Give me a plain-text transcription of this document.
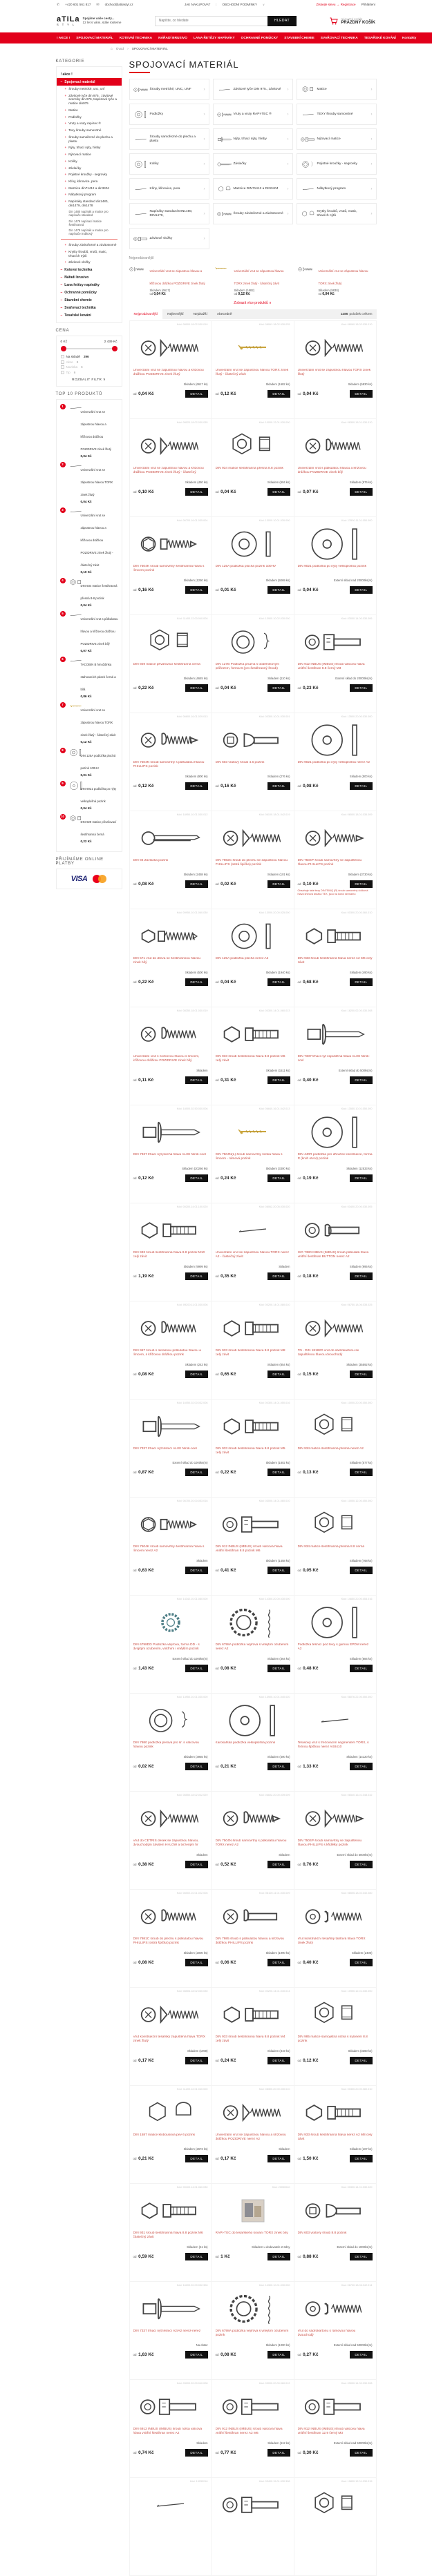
✆ +420 601 561 817 ✉ obchod@atilastyl.cz	JAK NAKUPOVAT | OBCHODNÍ PODMÍNKY ∨	Získejte slevu → Registrace Přihlášení
aTiLa
S T Y L
Spojíme vaše cesty...
12 let s vámi, stále rosteme
Napište, co hledáte	HLEDAT	NÁKUPNÍ KOŠÍK
PRÁZDNÝ KOŠÍK
! AKCE ! SPOJOVACÍ MATERIÁL KOTEVNÍ TECHNIKA NÁŘADÍ BRUSIVO LANA ŘETĚZY NAPÍNÁKY OCHRANNÉ POMŮCKY STAVEBNÍ CHEMIE SVAŘOVACÍ TECHNIKA TESAŘSKÉ KOVÁNÍ Kontakty
⌂ Úvod › SPOJOVACÍ MATERIÁL
KATEGORIE
! akce !
– Spojovací materiál
+ Šrouby metrické, unc, unf
+ Závitové tyče din 975 , závitové svorníky din 976, trapézové tyče a matice din975
+ Matice
+ Podložky
+ Vruty a vruty rapi-tec ®
+ Texy šrouby samovrtné
+ Šrouby samořezné do plechu a plastu
+ Nýty, trhací nýty, hřeby
+ Nýtovací matice
+ Kolíky
+ Závlačky
+ Pojistné kroužky - segrovky
+ Klíny, klínovice, pera
+ Maznice din71412 a din3404
+ Nábytkový program
+ Napínáky standard din1480, din1479, din1478
Din 1480 napínák a matice pro napínače standard
Din 1479 napínací matice šestihranná
Din 1478 napínák a matice pro napínače trubkový
+ Šrouby závitořezné a závitotvorné
+ Krytky šroubů, vrutů, matic, trhacích nýtů
+ Závitové vložky
– Kotevní technika
– Nářadí brusivo
– Lana řetězy napínáky
– Ochranné pomůcky
– Stavební chemie
– Svařovací technika
– Tesařské kování
CENA
0 Kč	2 439 Kč
Na skladě 296
Akce 8
Novinka 6
Tip 6
ROZBALIT FILTR ∨
TOP 10 PRODUKTŮ
1
Univerzální vrut se zápustnou hlavou a křížovou drážkou POZIDRIVE zinek žlutý
0,04 Kč
2
Univerzální vrut se zápustnou hlavou TORX zinek žlutý
0,04 Kč
3
Univerzální vrut se zápustnou hlavou a křížovou drážkou POZIDRIVE zinek žlutý - částečný závit
0,10 Kč
4
DIN 934 matice šestihranná přesná 8-8 pozink
0,04 Kč
5
Univerzální vrut s půlkulatou hlavou a křížovou drážkou POZIDRIVE zinek bílý
0,07 Kč
6
TACOBIN B hmoždinka stahovacích pásek černá a bílá
0,86 Kč
7
Univerzální vrut se zápustnou hlavou TORX zinek žlutý - částečný závit
0,12 Kč
8
DIN 125A podložka plochá pozink 100HV
0,01 Kč
9
DIN 9021 podložka po nýty velkoplošná pozink
0,04 Kč
10
DIN 929 matice přivařovací šestihranná černá
0,22 Kč
PŘIJÍMÁME ONLINE PLATBY
VISA
SPOJOVACÍ MATERIÁL
Šrouby metrické, UNC, UNF	›	Závitové tyče DIN 975., závitové	›	Matice	›
Podložky	›	Vruty a vruty RAPI-TEC ®	›	TEXY šrouby samovrtné	›
Šrouby samořezné do plechu a plastu	›	Nýty, trhací nýty, hřeby	›	Nýtovací matice	›
Kolíky	›	Závlačky	›	Pojistné kroužky - segrovky	›
Klíny, klínovice, pera	›	Maznice DIN71412 a DIN3404	›	Nábytkový program	›
Napínáky standard DIN1480, DIN1479,	›	Šrouby závitořezné a závitotvorné ›
Krytky šroubů, vrutů, matic, trhacích nýtů	›
Závitové vložky	›
Nejprodávanější
Univerzální vrut se zápustnou hlavou a křížovou drážkou POZIDRIVE zinek žlutý
Skladem (6617)
od 0,04 Kč
Univerzální vrut se zápustnou hlavou TORX zinek žlutý - částečný závit
Skladem (1682)
od 0,12 Kč
Univerzální vrut se zápustnou hlavou TORX zinek žlutý
Skladem (5830)
od 0,04 Kč
Zobrazit více produktů ∨
Nejprodávanější	Nejlevnější	Nejdražší	Abecedně	1486 položek celkem
Kód: 08000.18.02.030.010
Univerzální vrut se zápustnou hlavou a křížovou drážkou POZIDRIVE zinek žlutý
Skladem (6617 ks)
od 0,04 Kč	DETAIL
Kód: 08061.18.02.030.035
Univerzální vrut se zápustnou hlavou TORX zinek žlutý - částečný závit
Skladem (1682 ks)
od 0,12 Kč	DETAIL
Kód: 08060.18.02.030.010
Univerzální vrut se zápustnou hlavou TORX zinek žlutý
Skladem (5830 ks)
od 0,04 Kč	DETAIL
Kód: 08020.18.02.030.035
Univerzální vrut se zápustnou hlavou a křížovou drážkou POZIDRIVE zinek žlutý - částečný
Skladem (450 ks)
od 0,10 Kč	DETAIL
Kód: 10000.12.01.030.000
DIN 934 matice šestihranná přesná 8.8 pozink
Skladem (604 ks)
od 0,04 Kč	DETAIL
Kód: 08300.18.01.030.010
Univerzální vrut s půlkulatou hlavou a křížovou drážkou POZIDRIVE zinek bílý
Skladem (976 ks)
od 0,07 Kč	DETAIL
Kód: 06700.16.01.035.004
DIN 7504K šroub samovrtný šestihranná hlava s límcem pozink
Skladem (1250 ks)
od 0,16 Kč	DETAIL
Kód: 13000.10.01.030.000
DIN 125A podložka plochá pozink 100HV
Skladem (9269 ks)
od 0,01 Kč	DETAIL
Kód: 13500.11.01.050.000
DIN 9021 podložka po nýty velkoplošná pozink
Externí sklad nad 20000ks(m)
od 0,04 Kč	DETAIL
Kód: 11400.12.00.040.000
DIN 929 matice přivařovací šestihranná černá
Skladem (4645 ks)
od 0,22 Kč	DETAIL
Kód: 13900.10.02.030.000
DIN 127B Podložka pružná s obdélníkovým průřezem, forma B (pro šestihranný šroub)
Skladem (110 ks)
od 0,04 Kč	DETAIL
Kód: 03000.14.00.030.006
DIN 912 INBUS (IMBUS) šroub válcová hlava vnitřní šestihran 8.8 černý M3
Externí sklad do 20000ks(m)
od 0,23 Kč	DETAIL
Kód: 06600.16.01.029.013
DIN 7504N šroub samovrtný s půlkulatou hlavou PHILLIPS pozink
Skladem (900 ks)
od 0,12 Kč	DETAIL
Kód: 00300.10.01.030.001
DIN 603 vratový šroub 4.6 pozink
Skladem (276 ks)
od 0,16 Kč	DETAIL
Kód: 13500.20.00.030.000
DIN 9021 podložka po nýty velkoplošná nerez A2
Skladem (500 ks)
od 0,08 Kč	DETAIL
Kód: 18950.10.01.030.012
DIN 94 Závlačka pozink
Skladem (2458 ks)
od 0,08 Kč	DETAIL
Kód: 06100.18.01.042.019
DIN 7982C šroub do plechu se zápustnou hlavou PHILLIPS (ostrá špička) pozink
Skladem (101 ks)
od 0,02 Kč	DETAIL
Kód: 06500.18.01.035.009
DIN 7504P šroub samovrtný se zapuštěnou hlavou PHILLIPS pozink
Skladem (3730 ks)
od 0,10 Kč	DETAIL
Obsahuje také texy DIN7504Q (R) šroub samovrtný čočková hlava křížová drážka TEX, jsou na konci seznamu
Kód: 09950.10.01.060.030
DIN 571 vrut do dřeva se šestihrannou hlavou zinek bílý
Skladem (500 ks)
od 0,22 Kč	DETAIL
Kód: 13000.20.00.025.000
DIN 125A podložka plochá nerez A2
Skladem (1940 ks)
od 0,04 Kč	DETAIL
Kód: 00300.20.00.060.010
DIN 933 šroub šestihranná hlava nerez A2 M6 celý závit
Skladem (490 ks)
od 0,68 Kč	DETAIL
Kód: 08350.18.01.030.019
Univerzální vrut s čočkovou hlavou s límcem, křížovou drážkou POZIDRIVE zinek bílý
Skladem
od 0,11 Kč	DETAIL
Kód: 00300.14.01.060.013
DIN 933 šroub šestihranná hlava 8.8 pozink M6 celý závit
Skladem (1511 ks)
od 0,31 Kč	DETAIL
Kód: 18200.02.00.030.008
DIN 7337 trhací nýt zapuštěná hlava AL/St hliník-ocel
Externí sklad do 500ks(m)
od 0,40 Kč	DETAIL
Kód: 18000.02.50.030.006
DIN 7337 trhací nýt plochá hlava AL/St hliník-ocel
Skladem (20266 ks)
od 0,12 Kč	DETAIL
Kód: 06640.16.01.042.013
DIN 7504N(L) šroub samovrtný široká hlava s límcem - rámová pozink
Skladem (3300 ks)
od 0,24 Kč	DETAIL
Kód: 13550.10.01.050.000
DIN 440R podložka pro dřevěné konstrukce, forma R (kruh otvor) pozink
Skladem (12533 ks)
od 0,19 Kč	DETAIL
Kód: 00200.14.01.100.020
DIN 933 šroub šestihranná hlava 8.8 pozink M10 celý závit
Skladem (9999 ks)
od 1,19 Kč	DETAIL
Kód: 08062.20.05.030.020
Univerzální vrut se zápustnou hlavou TORX nerez A2 - částečný závit
Skladem
od 0,35 Kč	DETAIL
Kód: 03400.20.00.030.005
ISO 7380 INBUS (IMBUS) šroub půlkulatá hlava vnitřní šestihran BUTTON nerez A2
Skladem (995 ks)
od 0,18 Kč	DETAIL
Kód: 09200.11.01.030.006
DIN 967 šroub s okrasnou půlkulatou hlavou a límcem, s křížovou drážkou pozink
Skladem (243 ks)
od 0,08 Kč	DETAIL
Kód: 00200.14.01.080.010
DIN 933 šroub šestihranná hlava 8.8 pozink M8 celý závit
Skladem (854 ks)
od 0,65 Kč	DETAIL
Kód: 06750.18.06.035.025
TN - DIN 18182D vrut do sádrokartonu se zapuštěnou hlavou dvouchodý
Skladem (35592 ks)
od 0,15 Kč	DETAIL
Kód: 16050.02.00.032.006
DIN 7337 trhací nýt těsnicí AL/St hliník-ocel
Externí sklad do 1000ks(m)
od 0,87 Kč	DETAIL
Kód: 00300.14.01.050.016
DIN 933 šroub šestihranná hlava 8.8 pozink M5 celý závit
Skladem (1802 ks)
od 0,22 Kč	DETAIL
Kód: 10000.20.00.050.000
DIN 934 matice šestihranná přesná nerez A2
Skladem (577 ks)
od 0,13 Kč	DETAIL
Kód: 06700.20.00.053.016
DIN 7504K šroub samovrtný šestihranná hlava s límcem nerez A2
Skladem
od 0,63 Kč	DETAIL
Kód: 03000.14.01.060.010
DIN 912 INBUS (IMBUS) šroub válcová hlava vnitřní šestihran 8.8 pozink M6
Skladem (1458 ks)
od 0,41 Kč	DETAIL
Kód: 10000.12.00.050.000
DIN 934 matice šestihranná přesná 8.8 černá
Skladem (768 ks)
od 0,05 Kč	DETAIL
Kód: 14342.10.01.080.000
DIN 6798DD Podložka vějířová, forma DD - s dvojitým ozubením, vnitřním i vnějším pozink
Externí sklad do 1000ks(m)
od 1,43 Kč	DETAIL
Kód: 14300.20.00.030.000
DIN 6798A podložka vějířová s vnějším ozubením nerez A2
Skladem (364 ks)
od 0,08 Kč	DETAIL
Kód: 14650.20.00.053.016
Podložka těsnicí pod texy s gumou EPDM nerez A2
Skladem (884 ks)
od 0,48 Kč	DETAIL
Kód: 13950.10.01.030.000
DIN 7980 podložka pérová pro šr. s válcovou hlavou pozink
Skladem (3955 ks)
od 0,02 Kč	DETAIL
Kód: 13900.10.01.040.020
Karosářská podložka velkoplošná pozink
Skladem (400 ks)
od 0,21 Kč	DETAIL
Kód: 08076.22.00.050.000
Terasový vrut s frézovacím segmentem TORX, s řeznou špičkou nerez AISI410
Skladem (14120 ks)
od 1,33 Kč	DETAIL
Kód: 06550.18.02.042.029
Vrut do CETRIS desek se zápustnou hlavou, dvouchodým závitem HI-LOW a tvrzeným hr
Skladem
od 0,38 Kč	DETAIL
Kód: 06602.20.00.039.009
DIN 7504N šroub samovrtný s půlkulatou hlavou TORX nerez A2
Skladem
od 0,52 Kč	DETAIL
Kód: 06540.16.01.048.032
DIN 7504P šroub samovrtný se zapuštěnou hlavou PHILLIPS s křidélky pozink
Externí sklad do 5000ks(m)
od 0,76 Kč	DETAIL
Kód: 06002.10.01.022.006
DIN 7981C šroub do plechu s půlkulatou hlavou PHILLIPS (ostrá špička) pozink
Skladem (2000 ks)
od 0,08 Kč	DETAIL
Kód: 08100.11.01.030.009
DIN 7985 šroub s půlkulatou hlavou a křížovou drážkou PHILLIPS pozink
Skladem (1990 ks)
od 0,06 Kč	DETAIL
Kód: 08505.18.02.040.080
Vrut konstrukční tesařský talířová hlava TORX zinek žlutý
Skladem (2400)
od 0,40 Kč	DETAIL
Kód: 08506.18.02.030.030
Vrut konstrukční tesařský zapuštěná hlava TORX zinek žlutý
Skladem (1000)
od 0,17 Kč	DETAIL
Kód: 00200.14.01.040.014
DIN 933 šroub šestihranná hlava 8.8 pozink M4 celý závit
Skladem (319 ks)
od 0,24 Kč	DETAIL
Kód: 10900.12.01.030.000
DIN 985 matice samojistná nízká s nylonem 8.8 pozink
Skladem (3360 ks)
od 0,12 Kč	DETAIL
Kód: 11200.12.01.040.000
DIN 1587 matice klobouková pev 6 pozink
Skladem (2673 ks)
od 0,21 Kč	DETAIL
Kód: 08300.20.00.030.010
Univerzální vrut se zápustnou hlavou a křížovou drážkou POZIDRIVE nerez A2
Skladem
od 0,17 Kč	DETAIL
Kód: 00300.20.00.080.010
DIN 933 šroub šestihranná hlava nerez A2 M8 celý závit
Skladem (107 ks)
od 1,50 Kč	DETAIL
Kód: 00100.14.01.060.030
DIN 931 šroub šestihranná hlava 8.8 pozink M6 částečný závit
Skladem (41 ks)
od 0,59 Kč	DETAIL
Kód: 20050040
RAPI-TEC do tesařského kování TORX zinek bílý
Skladem u dodavatele 2-3dny
od 1 Kč	DETAIL
Kód: 00300.14.01.030.020
DIN 603 vratový šroub 8.8 pozink
Externí sklad do 1000ks(m)
od 0,88 Kč	DETAIL
Kód: 16200.20.00.032.306
DIN 7337 trhací nýt těsnicí A2/A2 nerez-nerez
Na dotaz
od 1,63 Kč	DETAIL
Kód: 14300.10.01.030.000
DIN 6798A podložka vějířová s vnějším ozubením pozink
Skladem (1000 ks)
od 0,08 Kč	DETAIL
Kód: 06700.18.06.042.014
Vrut do sádrokartonu s rámovou hlavou dvouchodý
Externí sklad nad 50000ks(m)
od 0,27 Kč	DETAIL
Kód: 03200.20.00.040.008
DIN 6912 INBUS (IMBUS) šroub nízká válcová hlava vnitřní šestihran nerez A2
Skladem
od 0,74 Kč	DETAIL
Kód: 03000.20.00.060.012
DIN 912 INBUS (IMBUS) šroub válcová hlava vnitřní šestihran nerez A2 M6
Skladem (112 ks)
od 0,77 Kč	DETAIL
Kód: 03000.14.00.030.008
DIN 912 INBUS (IMBUS) šroub válcová hlava vnitřní šestihran 12.9 černý M3
Externí sklad nad 50000ks(m)
od 0,30 Kč	DETAIL
Kód: 19030016	Kód: 03400.15.01.030.308	Kód: 19800.12.01.030.015
